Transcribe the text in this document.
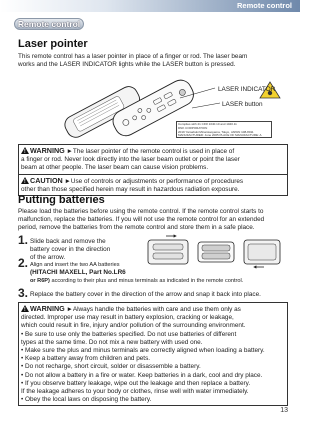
Remote control
Remote control
Laser pointer
This remote control has a laser pointer in place of a finger or rod. The laser beam
works and the LASER INDICATOR lights while the LASER button is pressed.
LASER INDICATOR
LASER button
Complies with 21 CFR 1040.10 and 1040.11
DNK CORPORATION
2019 Yamabuki Minamiaoyama, Tokyo, JAPAN 108-8011
MANUFACTURED: June 2005 PLACE OF MANUFACTURE: A
!WARNING ►The laser pointer of the remote control is used in place of
a finger or rod. Never look directly into the laser beam outlet or point the laser
beam at other people. The laser beam can cause vision problems.
!CAUTION ►Use of controls or adjustments or performance of procedures
other than those specified herein may result in hazardous radiation exposure.
Putting batteries
Please load the batteries before using the remote control. If the remote control starts to
malfunction, replace the batteries. If you will not use the remote control for an extended
period, remove the batteries from the remote control and store them in a safe place.
1. Slide back and remove the
battery cover in the direction
of the arrow.
2. Align and insert the two AA batteries
(HITACHI MAXELL, Part No.LR6
or R6P) according to their plus and minus terminals as indicated in the remote control.
3. Replace the battery cover in the direction of the arrow and snap it back into place.
!WARNING ►Always handle the batteries with care and use them only as
directed. Improper use may result in battery explosion, cracking or leakage,
which could result in fire, injury and/or pollution of the surrounding environment.
• Be sure to use only the batteries specified. Do not use batteries of different
types at the same time. Do not mix a new battery with used one.
• Make sure the plus and minus terminals are correctly aligned when loading a battery.
• Keep a battery away from children and pets.
• Do not recharge, short circuit, solder or disassemble a battery.
• Do not allow a battery in a fire or water. Keep batteries in a dark, cool and dry place.
• If you observe battery leakage, wipe out the leakage and then replace a battery.
If the leakage adheres to your body or clothes, rinse well with water immediately.
• Obey the local laws on disposing the battery.
13
